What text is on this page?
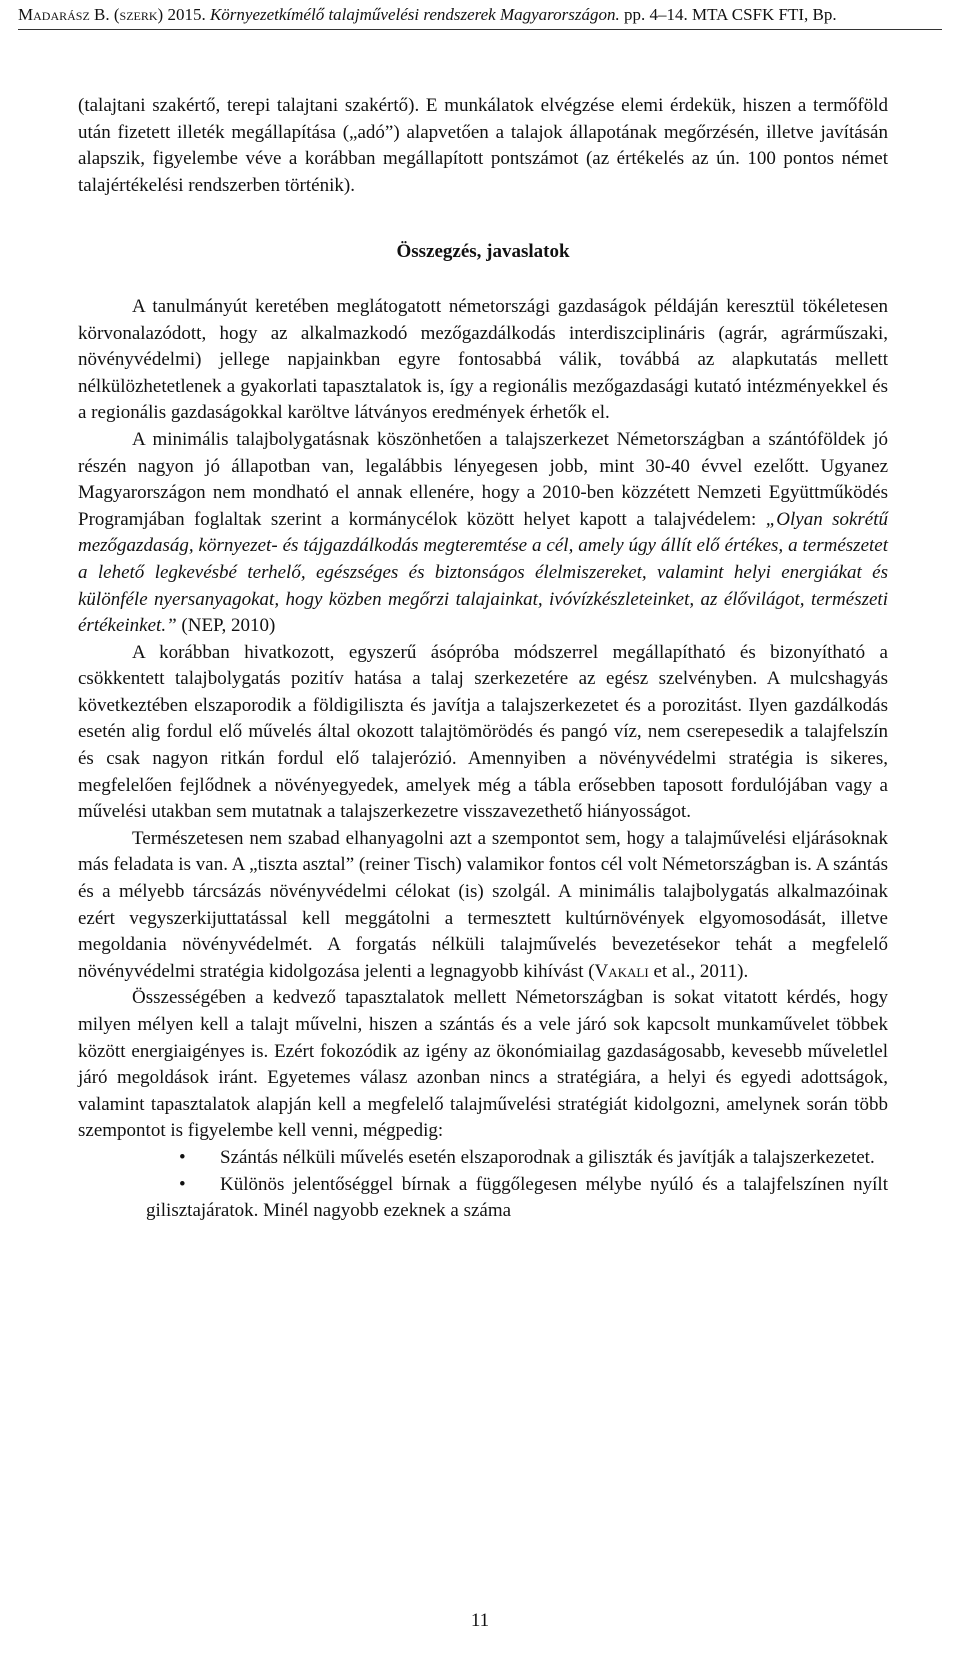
Madarász B. (szerk) 2015. Környezetkímélő talajművelési rendszerek Magyarországon. pp. 4–14. MTA CSFK FTI, Bp.

(talajtani szakértő, terepi talajtani szakértő). E munkálatok elvégzése elemi érdekük, hiszen a termőföld után fizetett illeték megállapítása („adó”) alapvetően a talajok állapotának megőrzésén, illetve javításán alapszik, figyelembe véve a korábban megállapított pontszámot (az értékelés az ún. 100 pontos német talajértékelési rendszerben történik).

Összegzés, javaslatok

A tanulmányút keretében meglátogatott németországi gazdaságok példáján keresztül tökéletesen körvonalazódott, hogy az alkalmazkodó mezőgazdálkodás interdiszciplináris (agrár, agrárműszaki, növényvédelmi) jellege napjainkban egyre fontosabbá válik, továbbá az alapkutatás mellett nélkülözhetetlenek a gyakorlati tapasztalatok is, így a regionális mezőgazdasági kutató intézményekkel és a regionális gazdaságokkal karöltve látványos eredmények érhetők el.

A minimális talajbolygatásnak köszönhetően a talajszerkezet Németországban a szántóföldek jó részén nagyon jó állapotban van, legalábbis lényegesen jobb, mint 30-40 évvel ezelőtt. Ugyanez Magyarországon nem mondható el annak ellenére, hogy a 2010-ben közzétett Nemzeti Együttműködés Programjában foglaltak szerint a kormánycélok között helyet kapott a talajvédelem: „Olyan sokrétű mezőgazdaság, környezet- és tájgazdálkodás megteremtése a cél, amely úgy állít elő értékes, a természetet a lehető legkevésbé terhelő, egészséges és biztonságos élelmiszereket, valamint helyi energiákat és különféle nyersanyagokat, hogy közben megőrzi talajainkat, ivóvízkészleteinket, az élővilágot, természeti értékeinket.” (NEP, 2010)

A korábban hivatkozott, egyszerű ásópróba módszerrel megállapítható és bizonyítható a csökkentett talajbolygatás pozitív hatása a talaj szerkezetére az egész szelvényben. A mulcshagyás következtében elszaporodik a földigiliszta és javítja a talajszerkezetet és a porozitást. Ilyen gazdálkodás esetén alig fordul elő művelés által okozott talajtömörödés és pangó víz, nem cserepesedik a talajfelszín és csak nagyon ritkán fordul elő talajerózió. Amennyiben a növényvédelmi stratégia is sikeres, megfelelően fejlődnek a növényegyedek, amelyek még a tábla erősebben taposott fordulójában vagy a művelési utakban sem mutatnak a talajszerkezetre visszavezethető hiányosságot.

Természetesen nem szabad elhanyagolni azt a szempontot sem, hogy a talajművelési eljárásoknak más feladata is van. A „tiszta asztal” (reiner Tisch) valamikor fontos cél volt Németországban is. A szántás és a mélyebb tárcsázás növényvédelmi célokat (is) szolgál. A minimális talajbolygatás alkalmazóinak ezért vegyszerkijuttatással kell meggátolni a termesztett kultúrnövények elgyomosodását, illetve megoldania növényvédelmét. A forgatás nélküli talajművelés bevezetésekor tehát a megfelelő növényvédelmi stratégia kidolgozása jelenti a legnagyobb kihívást (Vakali et al., 2011).

Összességében a kedvező tapasztalatok mellett Németországban is sokat vitatott kérdés, hogy milyen mélyen kell a talajt művelni, hiszen a szántás és a vele járó sok kapcsolt munkaművelet többek között energiaigényes is. Ezért fokozódik az igény az ökonómiailag gazdaságosabb, kevesebb műveletlel járó megoldások iránt. Egyetemes válasz azonban nincs a stratégiára, a helyi és egyedi adottságok, valamint tapasztalatok alapján kell a megfelelő talajművelési stratégiát kidolgozni, amelynek során több szempontot is figyelembe kell venni, mégpedig:

• Szántás nélküli művelés esetén elszaporodnak a giliszták és javítják a talajszerkezetet.
• Különös jelentőséggel bírnak a függőlegesen mélybe nyúló és a talajfelszínen nyílt gilisztajáratok. Minél nagyobb ezeknek a száma
11
